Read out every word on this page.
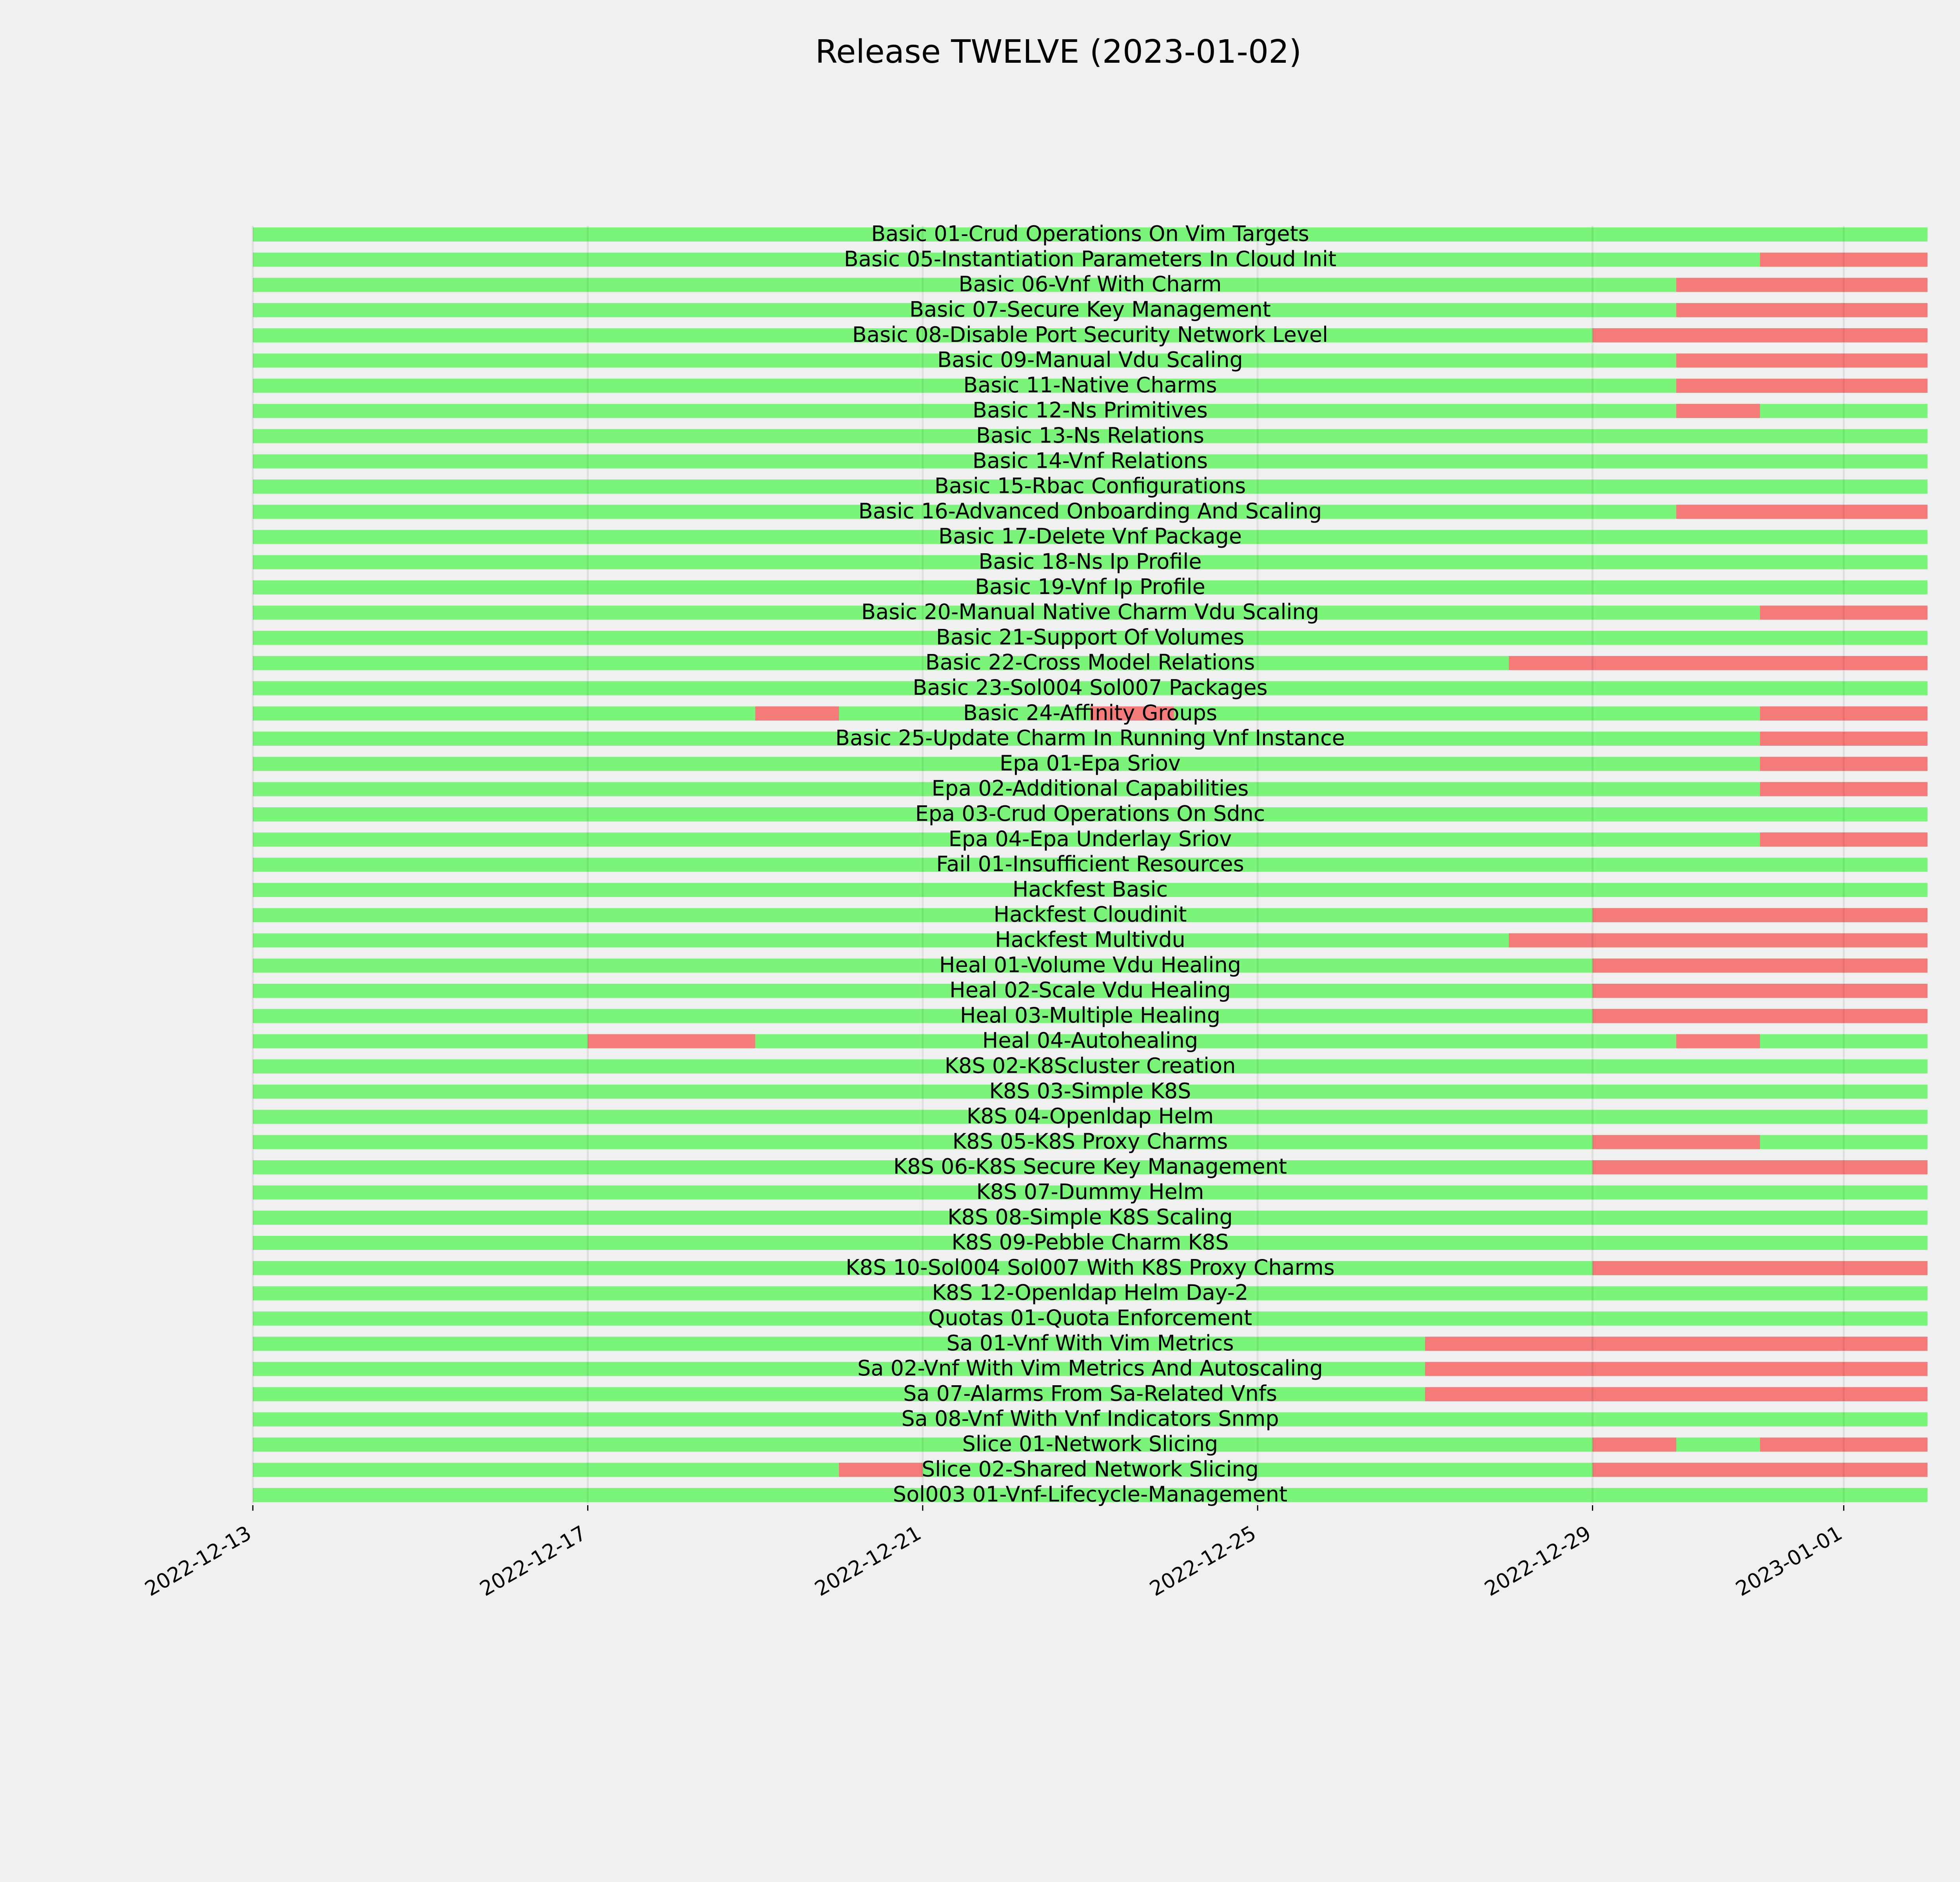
Release TWELVE (2023-01-02)
Basic 01-Crud Operations On Vim Targets
Basic 05-Instantiation Parameters In Cloud Init
Basic 06-Vnf With Charm
Basic 07-Secure Key Management
Basic 08-Disable Port Security Network Level
Basic 09-Manual Vdu Scaling
Basic 11-Native Charms
Basic 12-Ns Primitives
Basic 13-Ns Relations
Basic 14-Vnf Relations
Basic 15-Rbac Configurations
Basic 16-Advanced Onboarding And Scaling
Basic 17-Delete Vnf Package
Basic 18-Ns Ip Profile
Basic 19-Vnf Ip Profile
Basic 20-Manual Native Charm Vdu Scaling
Basic 21-Support Of Volumes
Basic 22-Cross Model Relations
Basic 23-Sol004 Sol007 Packages
Basic 24-Affinity Groups
Basic 25-Update Charm In Running Vnf Instance
Epa 01-Epa Sriov
Epa 02-Additional Capabilities
Epa 03-Crud Operations On Sdnc
Epa 04-Epa Underlay Sriov
Fail 01-Insufficient Resources
Hackfest Basic
Hackfest Cloudinit
Hackfest Multivdu
Heal 01-Volume Vdu Healing
Heal 02-Scale Vdu Healing
Heal 03-Multiple Healing
Heal 04-Autohealing
K8S 02-K8Scluster Creation
K8S 03-Simple K8S
K8S 04-Openldap Helm
K8S 05-K8S Proxy Charms
K8S 06-K8S Secure Key Management
K8S 07-Dummy Helm
K8S 08-Simple K8S Scaling
K8S 09-Pebble Charm K8S
K8S 10-Sol004 Sol007 With K8S Proxy Charms
K8S 12-Openldap Helm Day-2
Quotas 01-Quota Enforcement
Sa 01-Vnf With Vim Metrics
Sa 02-Vnf With Vim Metrics And Autoscaling
Sa 07-Alarms From Sa-Related Vnfs
Sa 08-Vnf With Vnf Indicators Snmp
Slice 01-Network Slicing
Slice 02-Shared Network Slicing
Sol003 01-Vnf-Lifecycle-Management
2022-12-13	2022-12-17	2022-12-21	2022-12-25	2022-12-29	2023-01-01
